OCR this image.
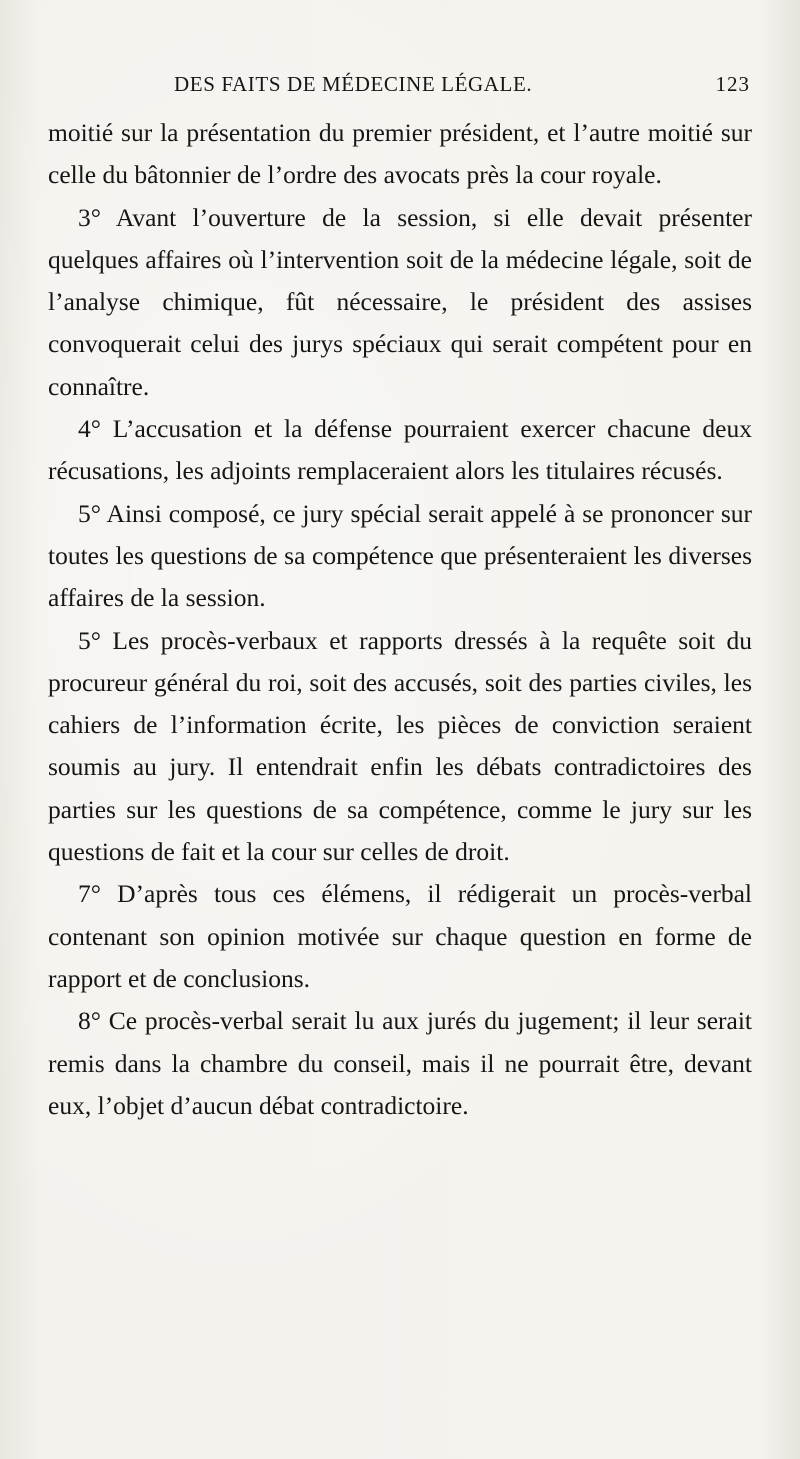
DES FAITS DE MÉDECINE LÉGALE.	123

moitié sur la présentation du premier président, et l’autre moitié sur celle du bâtonnier de l’ordre des avocats près la cour royale.

3° Avant l’ouverture de la session, si elle devait présenter quelques affaires où l’intervention soit de la médecine légale, soit de l’analyse chimique, fût nécessaire, le président des assises convoquerait celui des jurys spéciaux qui serait compétent pour en connaître.

4° L’accusation et la défense pourraient exercer chacune deux récusations, les adjoints remplaceraient alors les titulaires récusés.

5° Ainsi composé, ce jury spécial serait appelé à se prononcer sur toutes les questions de sa compétence que présenteraient les diverses affaires de la session.

5° Les procès-verbaux et rapports dressés à la requête soit du procureur général du roi, soit des accusés, soit des parties civiles, les cahiers de l’information écrite, les pièces de conviction seraient soumis au jury. Il entendrait enfin les débats contradictoires des parties sur les questions de sa compétence, comme le jury sur les questions de fait et la cour sur celles de droit.

7° D’après tous ces élémens, il rédigerait un procès-verbal contenant son opinion motivée sur chaque question en forme de rapport et de conclusions.

8° Ce procès-verbal serait lu aux jurés du jugement; il leur serait remis dans la chambre du conseil, mais il ne pourrait être, devant eux, l’objet d’aucun débat contradictoire.
